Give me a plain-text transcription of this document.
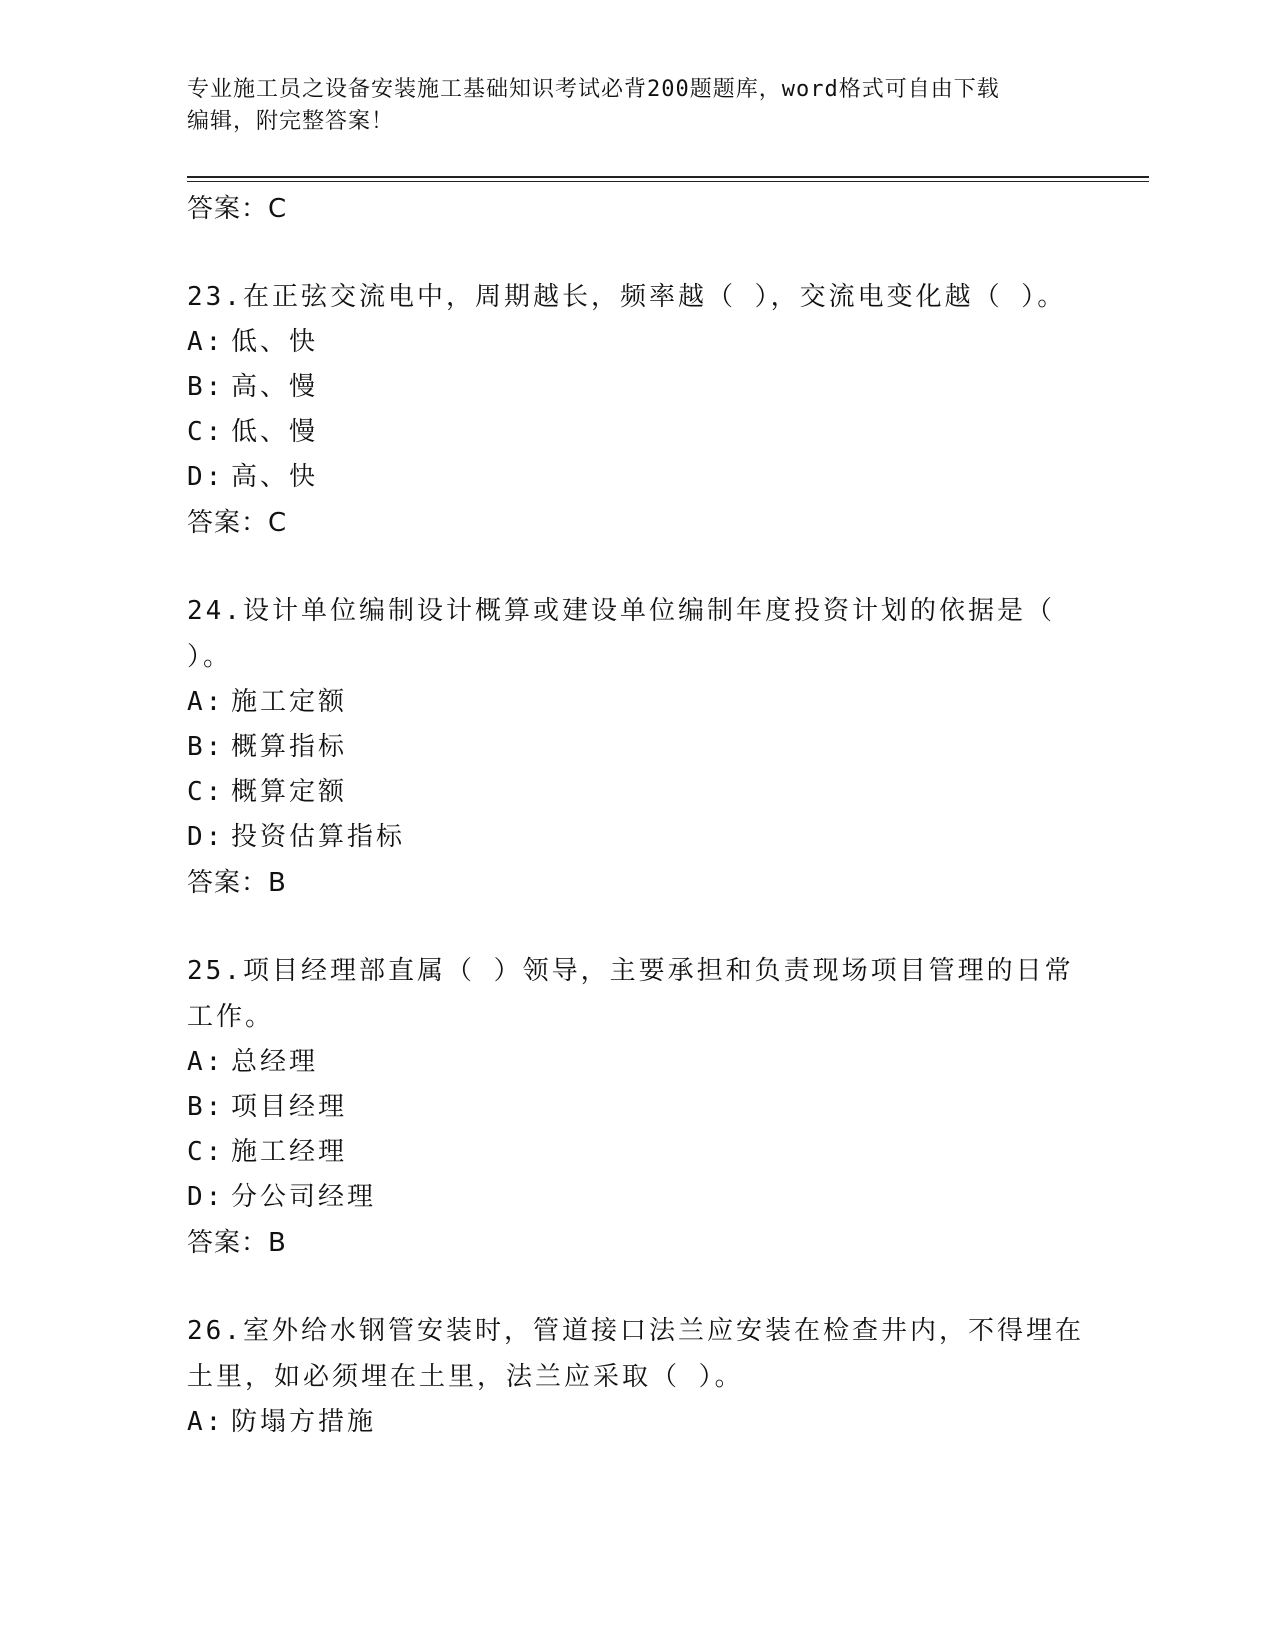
专业施工员之设备安装施工基础知识考试必背200题题库，word格式可自由下载
编辑，附完整答案！
答案：C
23.在正弦交流电中，周期越长，频率越（ ），交流电变化越（ ）。
A: 低、快
B: 高、慢
C: 低、慢
D: 高、快
答案：C
24.设计单位编制设计概算或建设单位编制年度投资计划的依据是（
）。
A: 施工定额
B: 概算指标
C: 概算定额
D: 投资估算指标
答案：B
25.项目经理部直属（ ）领导，主要承担和负责现场项目管理的日常
工作。
A: 总经理
B: 项目经理
C: 施工经理
D: 分公司经理
答案：B
26.室外给水钢管安装时，管道接口法兰应安装在检查井内，不得埋在
土里，如必须埋在土里，法兰应采取（ ）。
A: 防塌方措施
